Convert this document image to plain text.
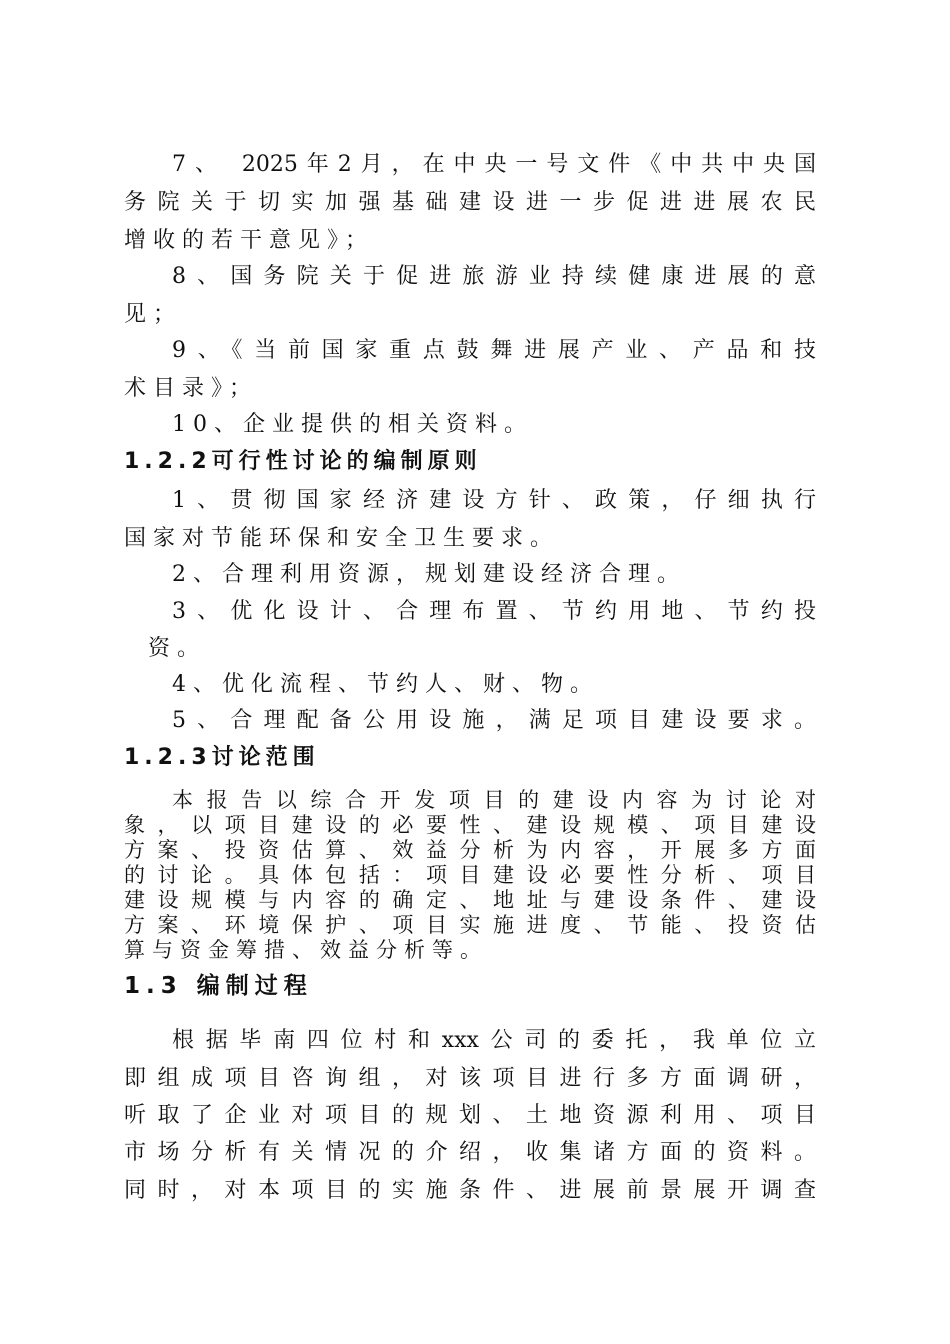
7、 2025年2月，在中央一号文件《中共中央国
务院关于切实加强基础建设进一步促进进展农民
增收的若干意见》；
8、国务院关于促进旅游业持续健康进展的意
见；
9、《当前国家重点鼓舞进展产业、产品和技
术目录》；
10、企业提供的相关资料。
1.2.2可行性讨论的编制原则
1、贯彻国家经济建设方针、政策，仔细执行
国家对节能环保和安全卫生要求。
2、合理利用资源，规划建设经济合理。
3、优化设计、合理布置、节约用地、节约投
资。
4、优化流程、节约人、财、物。
5、合理配备公用设施，满足项目建设要求。
1.2.3讨论范围
本报告以综合开发项目的建设内容为讨论对
象，以项目建设的必要性、建设规模、项目建设
方案、投资估算、效益分析为内容，开展多方面
的讨论。具体包括：项目建设必要性分析、项目
建设规模与内容的确定、地址与建设条件、建设
方案、环境保护、项目实施进度、节能、投资估
算与资金筹措、效益分析等。
1.3 编制过程
根据毕南四位村和xxx公司的委托，我单位立
即组成项目咨询组，对该项目进行多方面调研，
听取了企业对项目的规划、土地资源利用、项目
市场分析有关情况的介绍，收集诸方面的资料。
同时，对本项目的实施条件、进展前景展开调查
